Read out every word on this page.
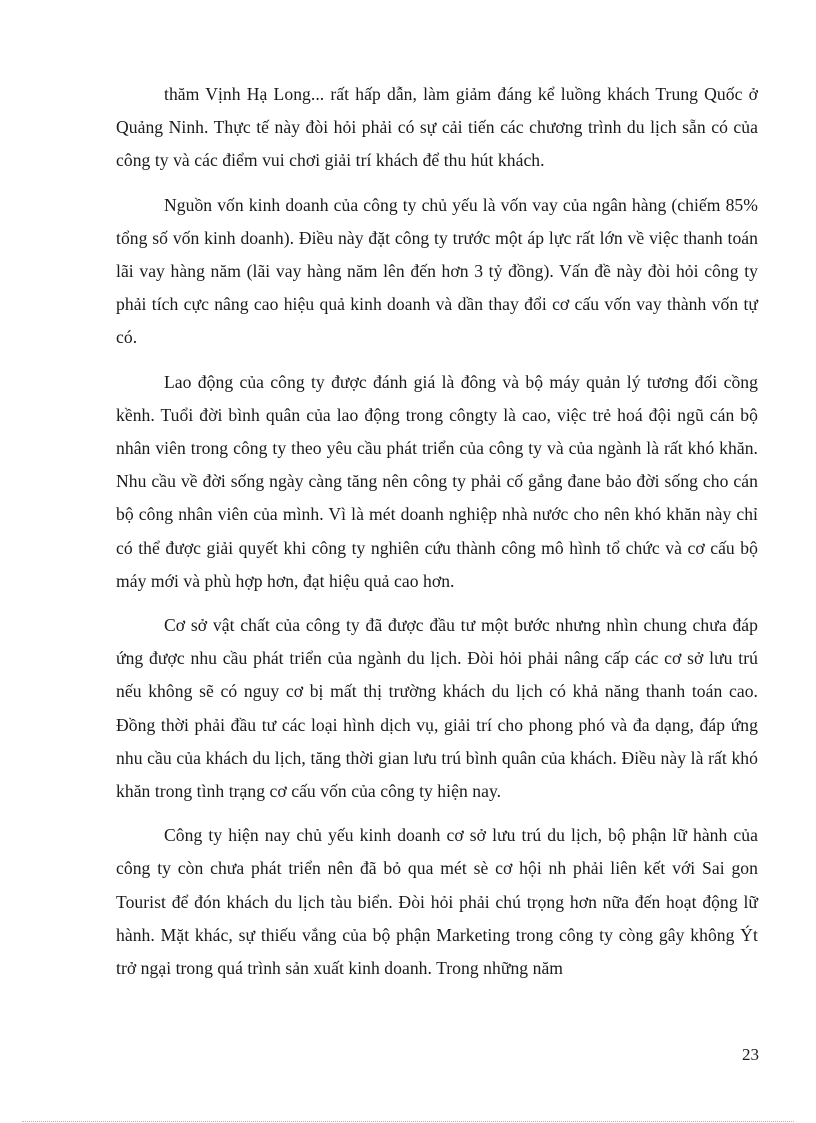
thăm Vịnh Hạ Long... rất hấp dẫn, làm giảm đáng kể luồng khách Trung Quốc ở Quảng Ninh. Thực tế này đòi hỏi phải có sự cải tiến các chương trình du lịch sẵn có của công ty và các điểm vui chơi giải trí khách để thu hút khách.

Nguồn vốn kinh doanh của công ty chủ yếu là vốn vay của ngân hàng (chiếm 85% tổng số vốn kinh doanh). Điều này đặt công ty trước một áp lực rất lớn về việc thanh toán lãi vay hàng năm (lãi vay hàng năm lên đến hơn 3 tỷ đồng). Vấn đề này đòi hỏi công ty phải tích cực nâng cao hiệu quả kinh doanh và dần thay đổi cơ cấu vốn vay thành vốn tự có.

Lao động của công ty được đánh giá là đông và bộ máy quản lý tương đối cồng kềnh. Tuổi đời bình quân của lao động trong côngty là cao, việc trẻ hoá đội ngũ cán bộ nhân viên trong công ty theo yêu cầu phát triển của công ty và của ngành là rất khó khăn. Nhu cầu về đời sống ngày càng tăng nên công ty phải cố gắng đane bảo đời sống cho cán bộ công nhân viên của mình. Vì là mét doanh nghiệp nhà nước cho nên khó khăn này chỉ có thể được giải quyết khi công ty nghiên cứu thành công mô hình tổ chức và cơ cấu bộ máy mới và phù hợp hơn, đạt hiệu quả cao hơn.

Cơ sở vật chất của công ty đã được đầu tư một bước nhưng nhìn chung chưa đáp ứng được nhu cầu phát triển của ngành du lịch. Đòi hỏi phải nâng cấp các cơ sở lưu trú nếu không sẽ có nguy cơ bị mất thị trường khách du lịch có khả năng thanh toán cao. Đồng thời phải đầu tư các loại hình dịch vụ, giải trí cho phong phó và đa dạng, đáp ứng nhu cầu của khách du lịch, tăng thời gian lưu trú bình quân của khách. Điều này là rất khó khăn trong tình trạng cơ cấu vốn của công ty hiện nay.

Công ty hiện nay chủ yếu kinh doanh cơ sở lưu trú du lịch, bộ phận lữ hành của công ty còn chưa phát triển nên đã bỏ qua mét sè cơ hội nh phải liên kết với Sai gon Tourist để đón khách du lịch tàu biển. Đòi hỏi phải chú trọng hơn nữa đến hoạt động lữ hành. Mặt khác, sự thiếu vắng của bộ phận Marketing trong công ty còng gây không Ýt trở ngại trong quá trình sản xuất kinh doanh. Trong những năm

23
